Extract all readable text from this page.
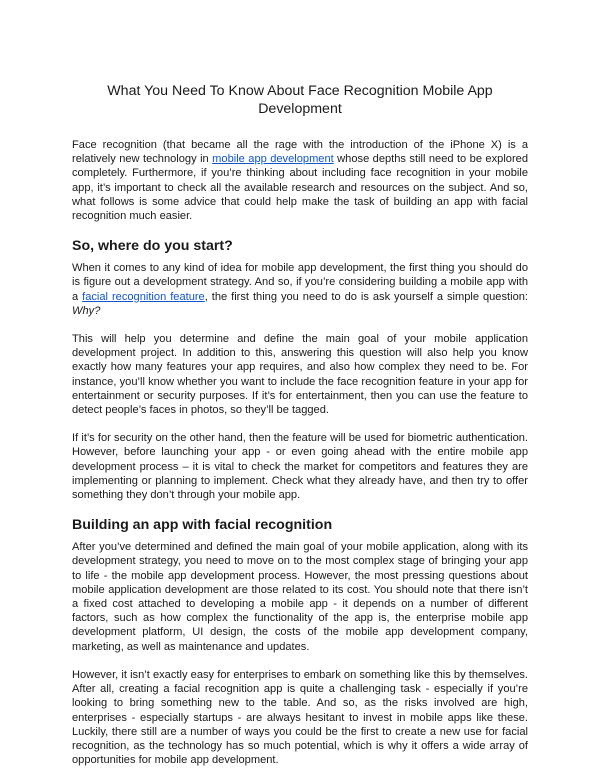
What You Need To Know About Face Recognition Mobile App Development

Face recognition (that became all the rage with the introduction of the iPhone X) is a relatively new technology in mobile app development whose depths still need to be explored completely. Furthermore, if you’re thinking about including face recognition in your mobile app, it’s important to check all the available research and resources on the subject. And so, what follows is some advice that could help make the task of building an app with facial recognition much easier.

So, where do you start?

When it comes to any kind of idea for mobile app development, the first thing you should do is figure out a development strategy. And so, if you’re considering building a mobile app with a facial recognition feature, the first thing you need to do is ask yourself a simple question: Why?

This will help you determine and define the main goal of your mobile application development project. In addition to this, answering this question will also help you know exactly how many features your app requires, and also how complex they need to be. For instance, you’ll know whether you want to include the face recognition feature in your app for entertainment or security purposes. If it’s for entertainment, then you can use the feature to detect people’s faces in photos, so they’ll be tagged.

If it’s for security on the other hand, then the feature will be used for biometric authentication. However, before launching your app - or even going ahead with the entire mobile app development process – it is vital to check the market for competitors and features they are implementing or planning to implement. Check what they already have, and then try to offer something they don’t through your mobile app.

Building an app with facial recognition

After you’ve determined and defined the main goal of your mobile application, along with its development strategy, you need to move on to the most complex stage of bringing your app to life - the mobile app development process. However, the most pressing questions about mobile application development are those related to its cost. You should note that there isn’t a fixed cost attached to developing a mobile app - it depends on a number of different factors, such as how complex the functionality of the app is, the enterprise mobile app development platform, UI design, the costs of the mobile app development company, marketing, as well as maintenance and updates.

However, it isn’t exactly easy for enterprises to embark on something like this by themselves. After all, creating a facial recognition app is quite a challenging task - especially if you’re looking to bring something new to the table. And so, as the risks involved are high, enterprises - especially startups - are always hesitant to invest in mobile apps like these. Luckily, there still are a number of ways you could be the first to create a new use for facial recognition, as the technology has so much potential, which is why it offers a wide array of opportunities for mobile app development.
